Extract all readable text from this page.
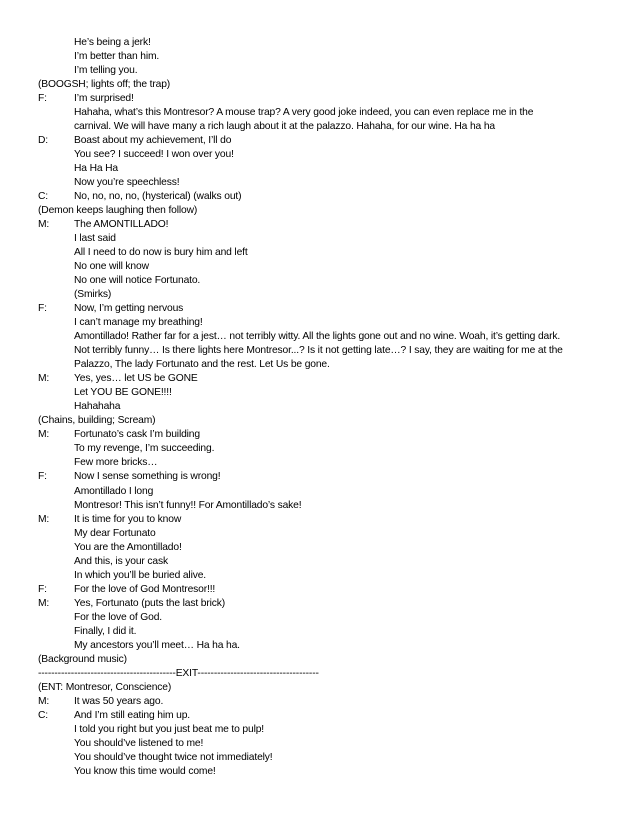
He’s being a jerk!
I’m better than him.
I’m telling you.
(BOOGSH; lights off; the trap)
F:	I’m surprised!
Hahaha, what’s this Montresor? A mouse trap? A very good joke indeed, you can even replace me in the
carnival. We will have many a rich laugh about it at the palazzo. Hahaha, for our wine. Ha ha ha
D:	Boast about my achievement, I’ll do
You see? I succeed! I won over you!
Ha Ha Ha
Now you’re speechless!
C:	No, no, no, no, (hysterical) (walks out)
(Demon keeps laughing then follow)
M:	The AMONTILLADO!
I last said
All I need to do now is bury him and left
No one will know
No one will notice Fortunato.
(Smirks)
F:	Now, I’m getting nervous
I can’t manage my breathing!
Amontillado! Rather far for a jest… not terribly witty. All the lights gone out and no wine. Woah, it’s getting dark.
Not terribly funny… Is there lights here Montresor...? Is it not getting late…? I say, they are waiting for me at the
Palazzo, The lady Fortunato and the rest. Let Us be gone.
M:	Yes, yes… let US be GONE
Let YOU BE GONE!!!!
Hahahaha
(Chains, building; Scream)
M:	Fortunato’s cask I’m building
To my revenge, I’m succeeding.
Few more bricks…
F:	Now I sense something is wrong!
Amontillado I long
Montresor! This isn’t funny!! For Amontillado’s sake!
M:	It is time for you to know
My dear Fortunato
You are the Amontillado!
And this, is your cask
In which you’ll be buried alive.
F:	For the love of God Montresor!!!
M:	Yes, Fortunato (puts the last brick)
For the love of God.
Finally, I did it.
My ancestors you’ll meet… Ha ha ha.
(Background music)
------------------------------------------EXIT-------------------------------------
(ENT: Montresor, Conscience)
M:	It was 50 years ago.
C:	And I’m still eating him up.
I told you right but you just beat me to pulp!
You should’ve listened to me!
You should’ve thought twice not immediately!
You know this time would come!
